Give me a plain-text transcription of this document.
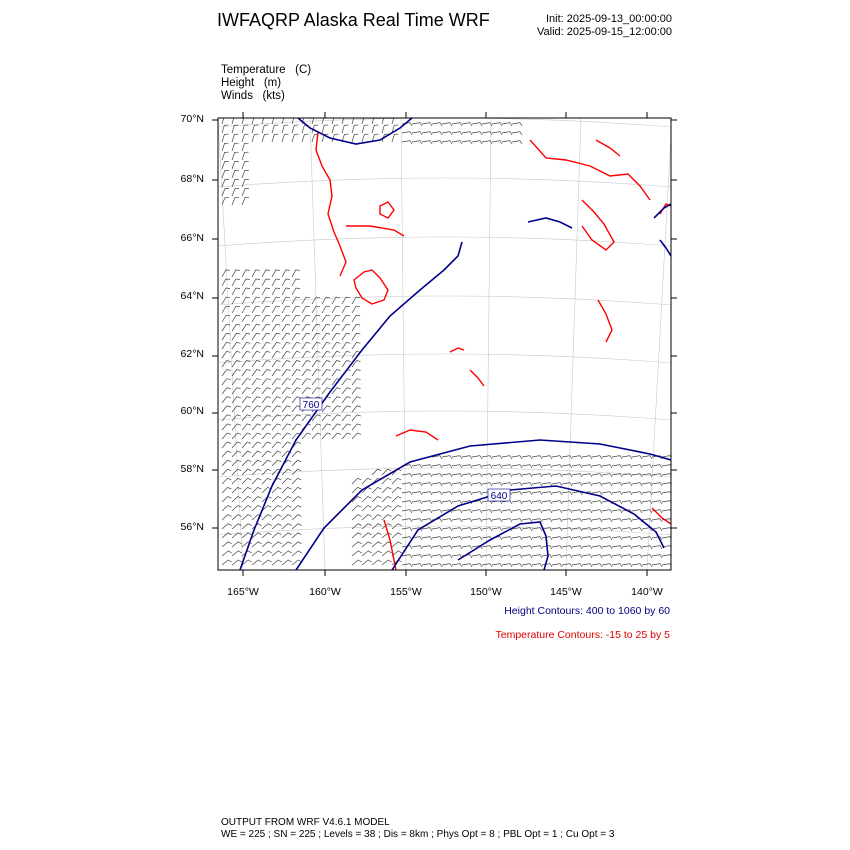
IWFAQRP Alaska Real Time WRF	Init: 2025-09-13_00:00:00
Valid: 2025-09-15_12:00:00
Temperature   (C)
Height   (m)
Winds   (kts)
760
640
70°N
68°N
66°N
64°N
62°N
60°N
58°N
56°N
165°W	160°W	155°W	150°W	145°W	140°W
Height Contours: 400 to 1060 by 60
Temperature Contours: -15 to 25 by 5
OUTPUT FROM WRF V4.6.1 MODEL
WE = 225 ; SN = 225 ; Levels = 38 ; Dis = 8km ; Phys Opt = 8 ; PBL Opt = 1 ; Cu Opt = 3
